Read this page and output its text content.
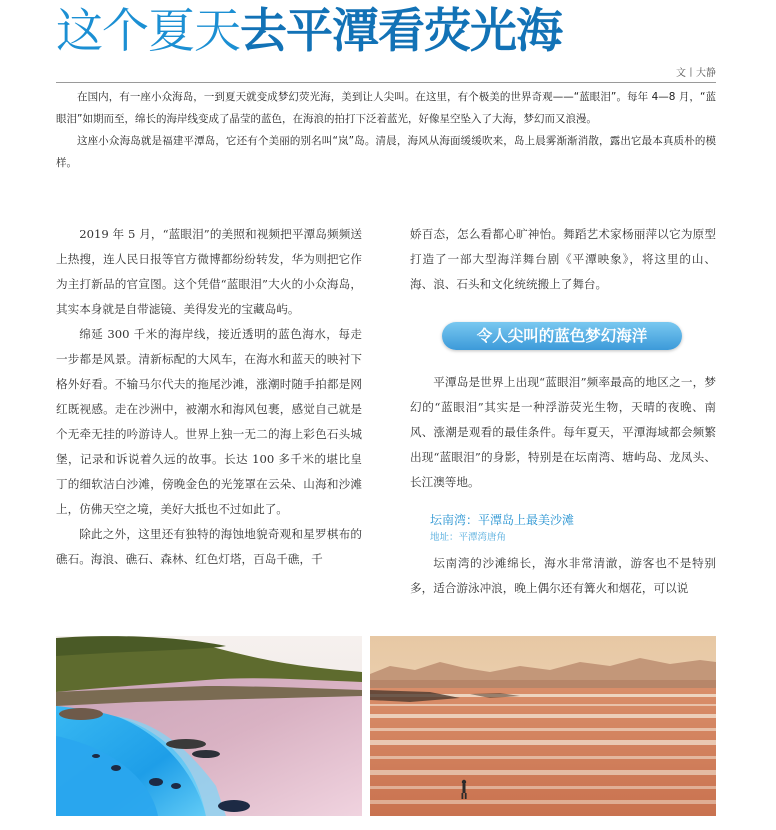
这个夏天去平潭看荧光海
文丨大静

在国内，有一座小众海岛，一到夏天就变成梦幻荧光海，美到让人尖叫。在这里，有个极美的世界奇观——“蓝眼泪”。每年 4—8 月，“蓝眼泪”如期而至，绵长的海岸线变成了晶莹的蓝色，在海浪的拍打下泛着蓝光，好像星空坠入了大海，梦幻而又浪漫。

这座小众海岛就是福建平潭岛，它还有个美丽的别名叫“岚”岛。清晨，海风从海面缓缓吹来，岛上晨雾渐渐消散，露出它最本真质朴的模样。

2019 年 5 月，“蓝眼泪”的美照和视频把平潭岛频频送上热搜，连人民日报等官方微博都纷纷转发，华为则把它作为主打新品的官宣图。这个凭借“蓝眼泪”大火的小众海岛，其实本身就是自带滤镜、美得发光的宝藏岛屿。

绵延 300 千米的海岸线，接近透明的蓝色海水，每走一步都是风景。清新标配的大风车，在海水和蓝天的映衬下格外好看。不输马尔代夫的拖尾沙滩，涨潮时随手拍都是网红既视感。走在沙洲中，被潮水和海风包裹，感觉自己就是个无牵无挂的吟游诗人。世界上独一无二的海上彩色石头城堡，记录和诉说着久远的故事。长达 100 多千米的堪比皇丁的细软洁白沙滩，傍晚金色的光笼罩在云朵、山海和沙滩上，仿佛天空之境，美好大抵也不过如此了。

除此之外，这里还有独特的海蚀地貌奇观和星罗棋布的礁石。海浪、礁石、森林、红色灯塔，百岛千礁，千

娇百态，怎么看都心旷神怡。舞蹈艺术家杨丽萍以它为原型打造了一部大型海洋舞台剧《平潭映象》，将这里的山、海、浪、石头和文化统统搬上了舞台。

令人尖叫的蓝色梦幻海洋

平潭岛是世界上出现“蓝眼泪”频率最高的地区之一，梦幻的“蓝眼泪”其实是一种浮游荧光生物，天晴的夜晚、南风、涨潮是观看的最佳条件。每年夏天，平潭海域都会频繁出现“蓝眼泪”的身影，特别是在坛南湾、塘屿岛、龙凤头、长江澳等地。

坛南湾：平潭岛上最美沙滩
地址：平潭湾唐角

坛南湾的沙滩绵长，海水非常清澈，游客也不是特别多，适合游泳冲浪，晚上偶尔还有篝火和烟花，可以说
